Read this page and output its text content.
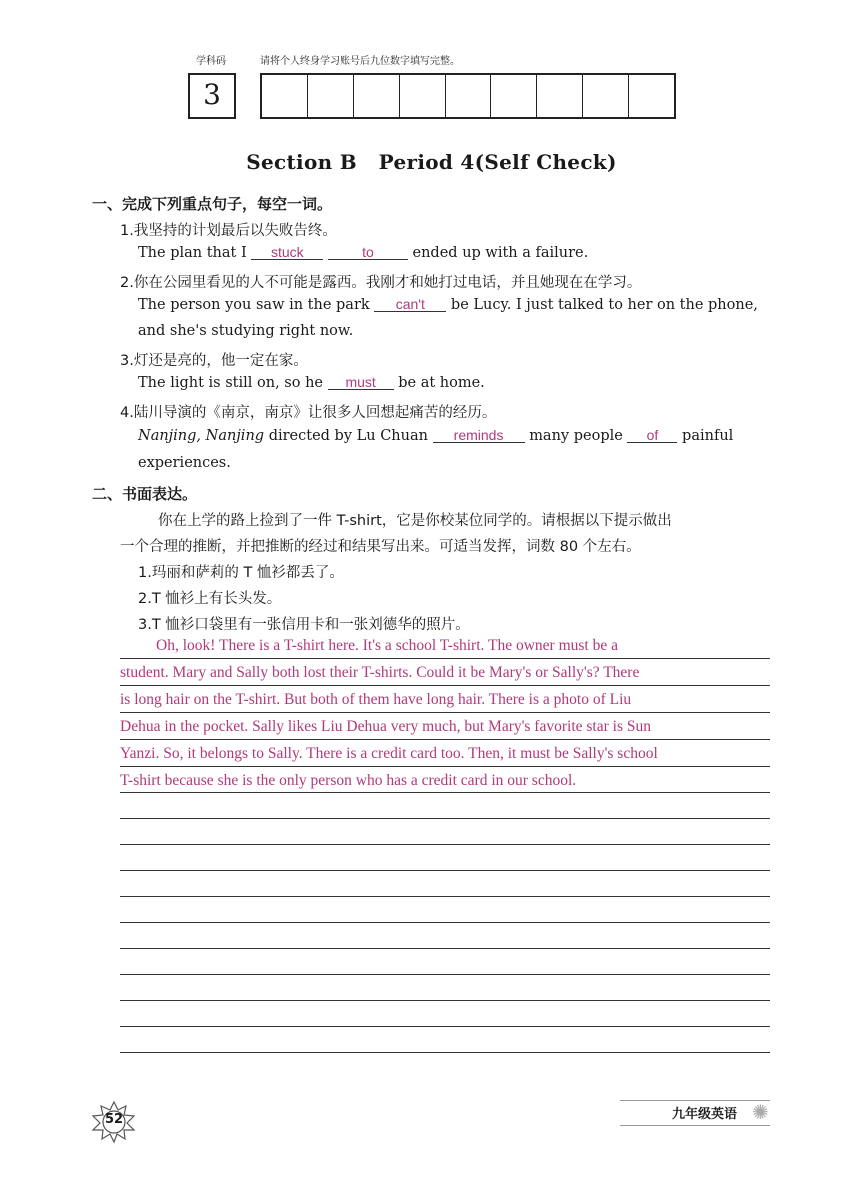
学科码	请将个人终身学习账号后九位数字填写完整。
3
Section B   Period 4(Self Check)
一、完成下列重点句子，每空一词。
1.我坚持的计划最后以失败告终。
The plan that I stuck	to	ended up with a failure.
2.你在公园里看见的人不可能是露西。我刚才和她打过电话，并且她现在在学习。
The person you saw in the park can't be Lucy. I just talked to her on the phone,
and she's studying right now.
3.灯还是亮的，他一定在家。
The light is still on, so he must be at home.
4.陆川导演的《南京，南京》让很多人回想起痛苦的经历。
Nanjing, Nanjing directed by Lu Chuan reminds many people of painful
experiences.
二、书面表达。
你在上学的路上捡到了一件 T-shirt，它是你校某位同学的。请根据以下提示做出
一个合理的推断，并把推断的经过和结果写出来。可适当发挥，词数 80 个左右。
1.玛丽和萨莉的 T 恤衫都丢了。
2.T 恤衫上有长头发。
3.T 恤衫口袋里有一张信用卡和一张刘德华的照片。
Oh, look! There is a T-shirt here. It's a school T-shirt. The owner must be a
student. Mary and Sally both lost their T-shirts. Could it be Mary's or Sally's? There
is long hair on the T-shirt. But both of them have long hair. There is a photo of Liu
Dehua in the pocket. Sally likes Liu Dehua very much, but Mary's favorite star is Sun
Yanzi. So, it belongs to Sally. There is a credit card too. Then, it must be Sally's school
T-shirt because she is the only person who has a credit card in our school.
52	九年级英语 ✺
